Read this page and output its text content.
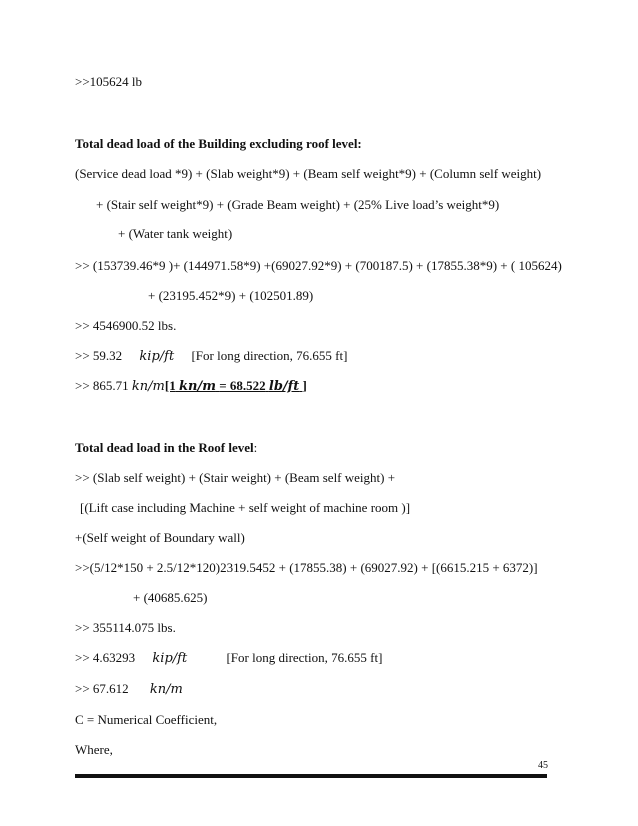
>>105624 lb
Total dead load of the Building excluding roof level:
(Service dead load *9) + (Slab weight*9) + (Beam self weight*9) + (Column self weight)
+ (Stair self weight*9) + (Grade Beam weight) + (25% Live load’s weight*9)
+ (Water tank weight)
>> (153739.46*9 )+ (144971.58*9) +(69027.92*9) + (700187.5) + (17855.38*9) + ( 105624)
+ (23195.452*9) + (102501.89)
>> 4546900.52 lbs.
>> 59.32 kip/ft [For long direction, 76.655 ft]
>> 865.71 kn/m[1 kn/m = 68.522 lb/ft ]
Total dead load in the Roof level:
>> (Slab self weight) + (Stair weight) + (Beam self weight) +
[(Lift case including Machine + self weight of machine room )]
+(Self weight of Boundary wall)
>>(5/12*150 + 2.5/12*120)2319.5452 + (17855.38) + (69027.92) + [(6615.215 + 6372)]
+ (40685.625)
>> 355114.075 lbs.
>> 4.63293 kip/ft	[For long direction, 76.655 ft]
>> 67.612 kn/m
C = Numerical Coefficient,
Where,
45
